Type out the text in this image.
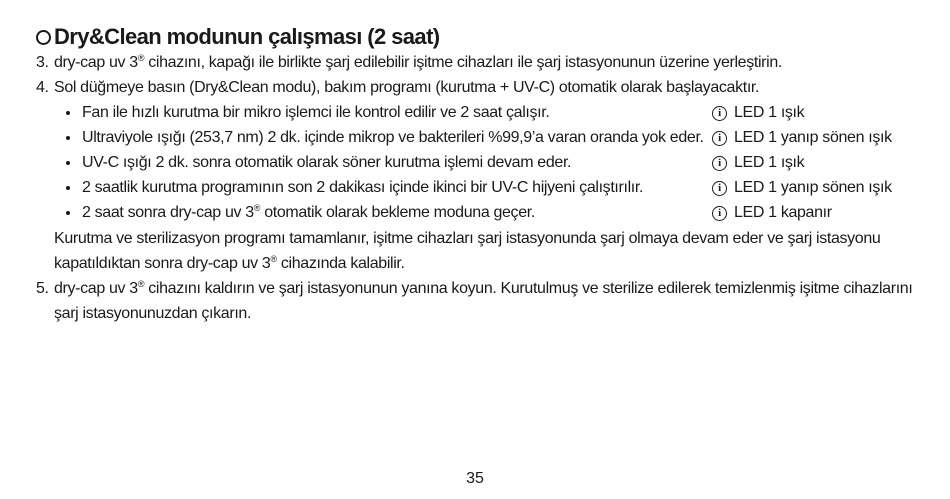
Dry&Clean modunun çalışması (2 saat)
3. dry-cap uv 3® cihazını, kapağı ile birlikte şarj edilebilir işitme cihazları ile şarj istasyonunun üzerine yerleştirin.
4. Sol düğmeye basın (Dry&Clean modu), bakım programı (kurutma + UV-C) otomatik olarak başlayacaktır.
Fan ile hızlı kurutma bir mikro işlemci ile kontrol edilir ve 2 saat çalışır.	i LED 1 ışık
Ultraviyole ışığı (253,7 nm) 2 dk. içinde mikrop ve bakterileri %99,9’a varan oranda yok eder.	i LED 1 yanıp sönen ışık
UV-C ışığı 2 dk. sonra otomatik olarak söner kurutma işlemi devam eder.	i LED 1 ışık
2 saatlik kurutma programının son 2 dakikası içinde ikinci bir UV-C hijyeni çalıştırılır.	i LED 1 yanıp sönen ışık
2 saat sonra dry-cap uv 3® otomatik olarak bekleme moduna geçer.	i LED 1 kapanır
Kurutma ve sterilizasyon programı tamamlanır, işitme cihazları şarj istasyonunda şarj olmaya devam eder ve şarj istasyonu
kapatıldıktan sonra dry-cap uv 3® cihazında kalabilir.
5. dry-cap uv 3® cihazını kaldırın ve şarj istasyonunun yanına koyun. Kurutulmuş ve sterilize edilerek temizlenmiş işitme cihazlarını
şarj istasyonunuzdan çıkarın.
35
